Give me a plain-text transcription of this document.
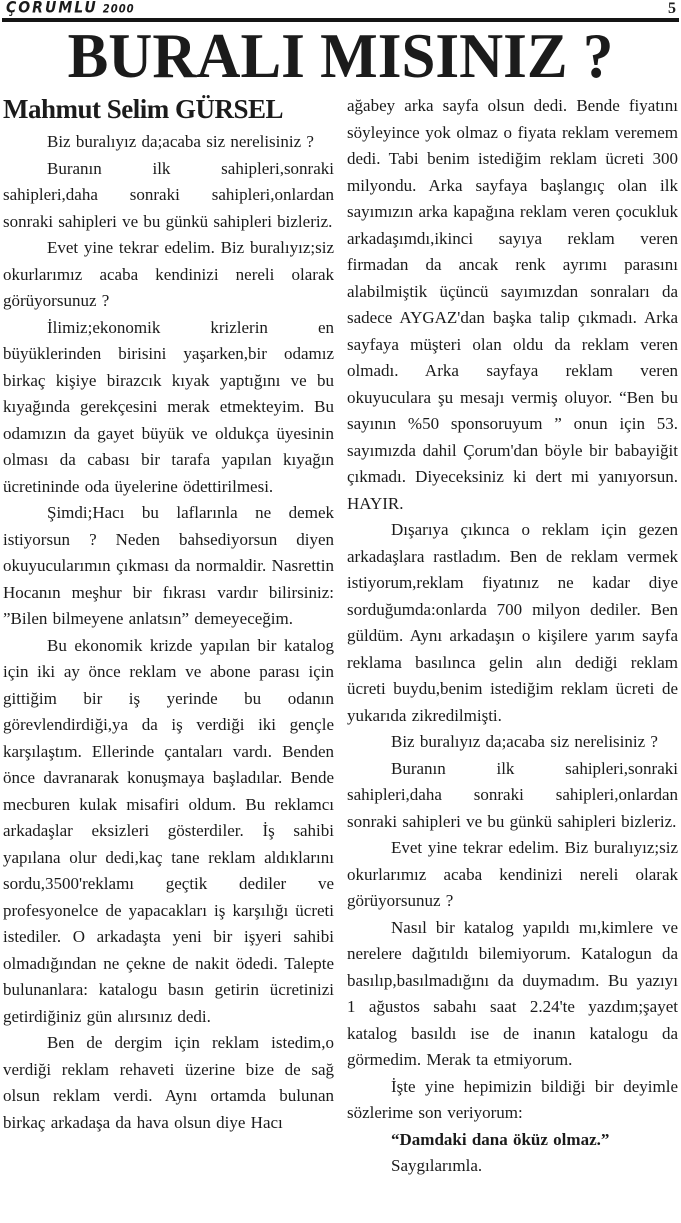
ÇORUMLU 2000	5
BURALI MISINIZ ?
Mahmut Selim GÜRSEL

Biz buralıyız da;acaba siz nerelisiniz ?

Buranın ilk sahipleri,sonraki sahipleri,daha sonraki sahipleri,onlardan sonraki sahipleri ve bu günkü sahipleri bizleriz.

Evet yine tekrar edelim. Biz buralıyız;siz okurlarımız acaba kendinizi nereli olarak görüyorsunuz ?

İlimiz;ekonomik krizlerin en büyüklerinden birisini yaşarken,bir odamız birkaç kişiye birazcık kıyak yaptığını ve bu kıyağında gerekçesini merak etmekteyim. Bu odamızın da gayet büyük ve oldukça üyesinin olması da cabası bir tarafa yapılan kıyağın ücretininde oda üyelerine ödettirilmesi.

Şimdi;Hacı bu laflarınla ne demek istiyorsun ? Neden bahsediyorsun diyen okuyucularımın çıkması da normaldir. Nasrettin Hocanın meşhur bir fıkrası vardır bilirsiniz: ”Bilen bilmeyene anlatsın” demeyeceğim.

Bu ekonomik krizde yapılan bir katalog için iki ay önce reklam ve abone parası için gittiğim bir iş yerinde bu odanın görevlendirdiği,ya da iş verdiği iki gençle karşılaştım. Ellerinde çantaları vardı. Benden önce davranarak konuşmaya başladılar. Bende mecburen kulak misafiri oldum. Bu reklamcı arkadaşlar eksizleri gösterdiler. İş sahibi yapılana olur dedi,kaç tane reklam aldıklarını sordu,3500'reklamı geçtik dediler ve profesyonelce de yapacakları iş karşılığı ücreti istediler. O arkadaşta yeni bir işyeri sahibi olmadığından ne çekne de nakit ödedi. Talepte bulunanlara: katalogu basın getirin ücretinizi getirdiğiniz gün alırsınız dedi.

Ben de dergim için reklam istedim,o verdiği reklam rehaveti üzerine bize de sağ olsun reklam verdi. Aynı ortamda bulunan birkaç arkadaşa da hava olsun diye Hacı

ağabey arka sayfa olsun dedi. Bende fiyatını söyleyince yok olmaz o fiyata reklam veremem dedi. Tabi benim istediğim reklam ücreti 300 milyondu. Arka sayfaya başlangıç olan ilk sayımızın arka kapağına reklam veren çocukluk arkadaşımdı,ikinci sayıya reklam veren firmadan da ancak renk ayrımı parasını alabilmiştik üçüncü sayımızdan sonraları da sadece AYGAZ'dan başka talip çıkmadı. Arka sayfaya müşteri olan oldu da reklam veren olmadı. Arka sayfaya reklam veren okuyuculara şu mesajı vermiş oluyor. “Ben bu sayının %50 sponsoruyum ” onun için 53. sayımızda dahil Çorum'dan böyle bir babayiğit çıkmadı. Diyeceksiniz ki dert mi yanıyorsun. HAYIR.

Dışarıya çıkınca o reklam için gezen arkadaşlara rastladım. Ben de reklam vermek istiyorum,reklam fiyatınız ne kadar diye sorduğumda:onlarda 700 milyon dediler. Ben güldüm. Aynı arkadaşın o kişilere yarım sayfa reklama basılınca gelin alın dediği reklam ücreti buydu,benim istediğim reklam ücreti de yukarıda zikredilmişti.

Biz buralıyız da;acaba siz nerelisiniz ?

Buranın ilk sahipleri,sonraki sahipleri,daha sonraki sahipleri,onlardan sonraki sahipleri ve bu günkü sahipleri bizleriz.

Evet yine tekrar edelim. Biz buralıyız;siz okurlarımız acaba kendinizi nereli olarak görüyorsunuz ?

Nasıl bir katalog yapıldı mı,kimlere ve nerelere dağıtıldı bilemiyorum. Katalogun da basılıp,basılmadığını da duymadım. Bu yazıyı 1 ağustos sabahı saat 2.24'te yazdım;şayet katalog basıldı ise de inanın katalogu da görmedim. Merak ta etmiyorum.

İşte yine hepimizin bildiği bir deyimle sözlerime son veriyorum:

“Damdaki dana öküz olmaz.”

Saygılarımla.
